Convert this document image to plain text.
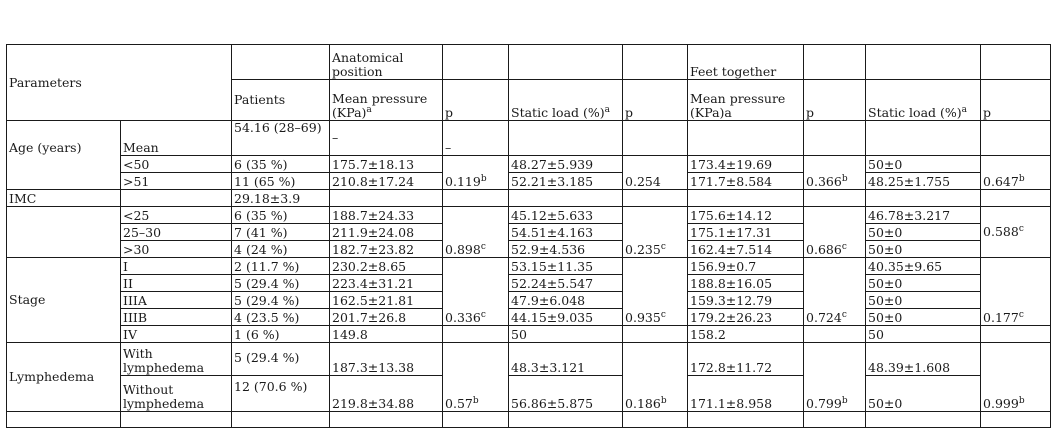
Parameters			Anatomical position				Feet together			
		Patients	Mean pressure (KPa)$^a$	p	Static load (%)$^a$	p	Mean pressure (KPa)a	p	Static load (%)$^a$	p
Age (years)	Mean	54.16 (28–69)	–	–						
	<50	6 (35 %)	175.7±18.13	0.119$^b$	48.27±5.939	0.254	173.4±19.69	0.366$^b$	50±0	0.647$^b$
	>51	11 (65 %)	210.8±17.24		52.21±3.185		171.7±8.584		48.25±1.755	
IMC		29.18±3.9								
	<25	6 (35 %)	188.7±24.33	0.898$^c$	45.12±5.633	0.235$^c$	175.6±14.12	0.686$^c$	46.78±3.217	0.588$^c$
	25–30	7 (41 %)	211.9±24.08		54.51±4.163		175.1±17.31		50±0	
	>30	4 (24 %)	182.7±23.82		52.9±4.536		162.4±7.514		50±0	
Stage	I	2 (11.7 %)	230.2±8.65	0.336$^c$	53.15±11.35	0.935$^c$	156.9±0.7	0.724$^c$	40.35±9.65	0.177$^c$
	II	5 (29.4 %)	223.4±31.21		52.24±5.547		188.8±16.05		50±0	
	IIIA	5 (29.4 %)	162.5±21.81		47.9±6.048		159.3±12.79		50±0	
	IIIB	4 (23.5 %)	201.7±26.8		44.15±9.035		179.2±26.23		50±0	
	IV	1 (6 %)	149.8		50		158.2		50	
Lymphedema	With lymphedema	5 (29.4 %)	187.3±13.38	0.57$^b$	48.3±3.121	0.186$^b$	172.8±11.72	0.799$^b$	48.39±1.608	0.999$^b$
	Without lymphedema	12 (70.6 %)	219.8±34.88		56.86±5.875		171.1±8.958		50±0	
